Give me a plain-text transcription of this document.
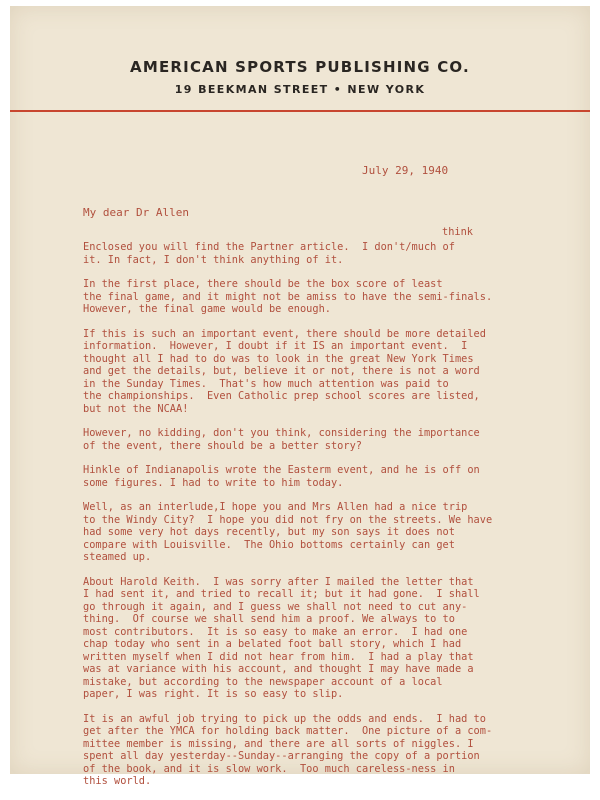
AMERICAN SPORTS PUBLISHING CO.
19 BEEKMAN STREET • NEW YORK
July 29, 1940
My dear Dr Allen
think
Enclosed you will find the Partner article.  I don't/much of
it. In fact, I don't think anything of it.
In the first place, there should be the box score of least
the final game, and it might not be amiss to have the semi-finals.
However, the final game would be enough.
If this is such an important event, there should be more detailed
information.  However, I doubt if it IS an important event.  I
thought all I had to do was to look in the great New York Times
and get the details, but, believe it or not, there is not a word
in the Sunday Times.  That's how much attention was paid to
the championships.  Even Catholic prep school scores are listed,
but not the NCAA!
However, no kidding, don't you think, considering the importance
of the event, there should be a better story?
Hinkle of Indianapolis wrote the Easterm event, and he is off on
some figures. I had to write to him today.
Well, as an interlude,I hope you and Mrs Allen had a nice trip
to the Windy City?  I hope you did not fry on the streets. We have
had some very hot days recently, but my son says it does not
compare with Louisville.  The Ohio bottoms certainly can get
steamed up.
About Harold Keith.  I was sorry after I mailed the letter that
I had sent it, and tried to recall it; but it had gone.  I shall
go through it again, and I guess we shall not need to cut any-
thing.  Of course we shall send him a proof. We always to to
most contributors.  It is so easy to make an error.  I had one
chap today who sent in a belated foot ball story, which I had
written myself when I did not hear from him.  I had a play that
was at variance with his account, and thought I may have made a
mistake, but according to the newspaper account of a local
paper, I was right. It is so easy to slip.
It is an awful job trying to pick up the odds and ends.  I had to
get after the YMCA for holding back matter.  One picture of a com-
mittee member is missing, and there are all sorts of niggles. I
spent all day yesterday--Sunday--arranging the copy of a portion
of the book, and it is slow work.  Too much careless-ness in
this world.
